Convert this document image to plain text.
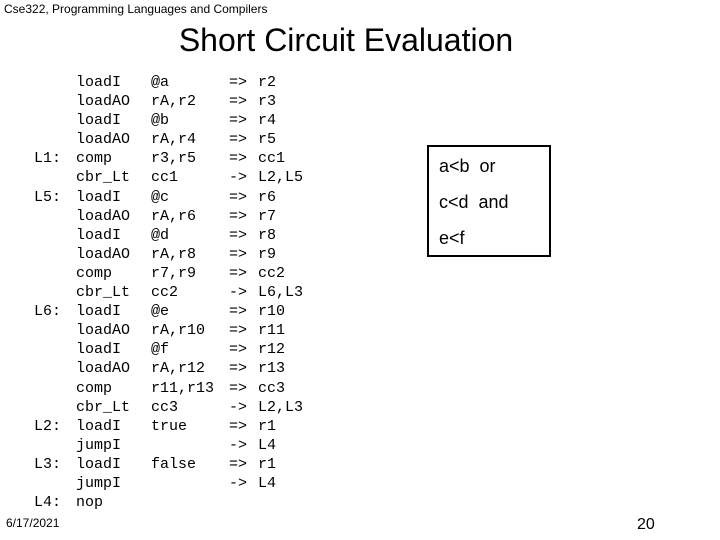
Cse322, Programming Languages and Compilers
Short Circuit Evaluation
loadI @a	=> r2
loadAO rA,r2 => r3
loadI @b	=> r4
loadAO rA,r4 => r5
L1: comp	r3,r5 => cc1
cbr_Lt cc1	-> L2,L5
L5: loadI @c	=> r6
loadAO rA,r6 => r7
loadI @d	=> r8
loadAO rA,r8 => r9
comp	r7,r9 => cc2
cbr_Lt cc2	-> L6,L3
L6: loadI @e	=> r10
loadAO rA,r10 => r11
loadI @f	=> r12
loadAO rA,r12 => r13
comp	r11,r13 => cc3
cbr_Lt cc3	-> L2,L3
L2: loadI true	=> r1
jumpI	-> L4
L3: loadI false => r1
jumpI	-> L4
L4: nop
a<b  or
c<d  and
e<f
6/17/2021	20
